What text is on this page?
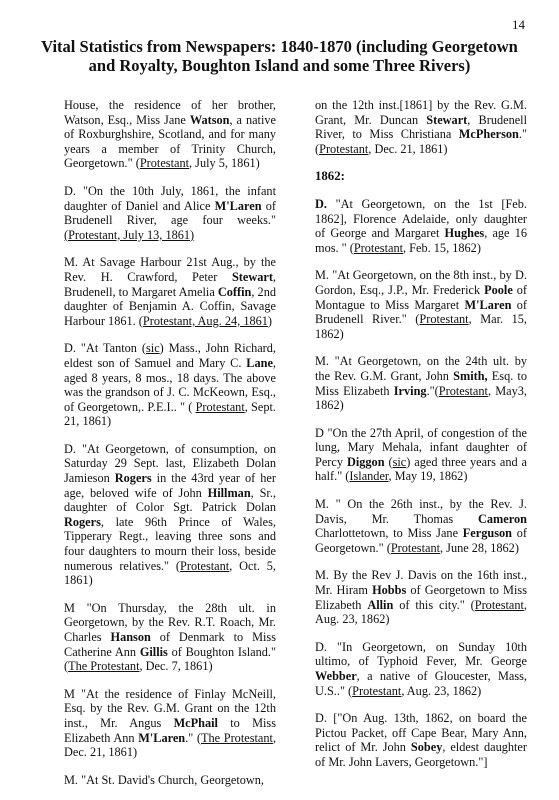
14
Vital Statistics from Newspapers: 1840-1870 (including Georgetown and Royalty, Boughton Island and some Three Rivers)

House, the residence of her brother, Watson, Esq., Miss Jane Watson, a native of Roxburghshire, Scotland, and for many years a member of Trinity Church, Georgetown." (Protestant, July 5, 1861)

D. "On the 10th July, 1861, the infant daughter of Daniel and Alice M'Laren of Brudenell River, age four weeks." (Protestant, July 13, 1861)

M. At Savage Harbour 21st Aug., by the Rev. H. Crawford, Peter Stewart, Brudenell, to Margaret Amelia Coffin, 2nd daughter of Benjamin A. Coffin, Savage Harbour 1861. (Protestant, Aug. 24, 1861)

D. "At Tanton (sic) Mass., John Richard, eldest son of Samuel and Mary C. Lane, aged 8 years, 8 mos., 18 days. The above was the grandson of J. C. McKeown, Esq., of Georgetown,. P.E.I.. " ( Protestant, Sept. 21, 1861)

D. "At Georgetown, of consumption, on Saturday 29 Sept. last, Elizabeth Dolan Jamieson Rogers in the 43rd year of her age, beloved wife of John Hillman, Sr., daughter of Color Sgt. Patrick Dolan Rogers, late 96th Prince of Wales, Tipperary Regt., leaving three sons and four daughters to mourn their loss, beside numerous relatives." (Protestant, Oct. 5, 1861)

M "On Thursday, the 28th ult. in Georgetown, by the Rev. R.T. Roach, Mr. Charles Hanson of Denmark to Miss Catherine Ann Gillis of Boughton Island." (The Protestant, Dec. 7, 1861)

M "At the residence of Finlay McNeill, Esq. by the Rev. G.M. Grant on the 12th inst., Mr. Angus McPhail to Miss Elizabeth Ann M'Laren." (The Protestant, Dec. 21, 1861)

M. "At St. David's Church, Georgetown,

on the 12th inst.[1861] by the Rev. G.M. Grant, Mr. Duncan Stewart, Brudenell River, to Miss Christiana McPherson." (Protestant, Dec. 21, 1861)

1862:

D. "At Georgetown, on the 1st [Feb. 1862], Florence Adelaide, only daughter of George and Margaret Hughes, age 16 mos. " (Protestant, Feb. 15, 1862)

M. "At Georgetown, on the 8th inst., by D. Gordon, Esq., J.P., Mr. Frederick Poole of Montague to Miss Margaret M'Laren of Brudenell River." (Protestant, Mar. 15, 1862)

M. "At Georgetown, on the 24th ult. by the Rev. G.M. Grant, John Smith, Esq. to Miss Elizabeth Irving."(Protestant, May3, 1862)

D "On the 27th April, of congestion of the lung, Mary Mehala, infant daughter of Percy Diggon (sic) aged three years and a half." (Islander, May 19, 1862)

M. " On the 26th inst., by the Rev. J. Davis, Mr. Thomas Cameron Charlottetown, to Miss Jane Ferguson of Georgetown." (Protestant, June 28, 1862)

M. By the Rev J. Davis on the 16th inst., Mr. Hiram Hobbs of Georgetown to Miss Elizabeth Allin of this city." (Protestant, Aug. 23, 1862)

D. "In Georgetown, on Sunday 10th ultimo, of Typhoid Fever, Mr. George Webber, a native of Gloucester, Mass, U.S.." (Protestant, Aug. 23, 1862)

D. ["On Aug. 13th, 1862, on board the Pictou Packet, off Cape Bear, Mary Ann, relict of Mr. John Sobey, eldest daughter of Mr. John Lavers, Georgetown."]
